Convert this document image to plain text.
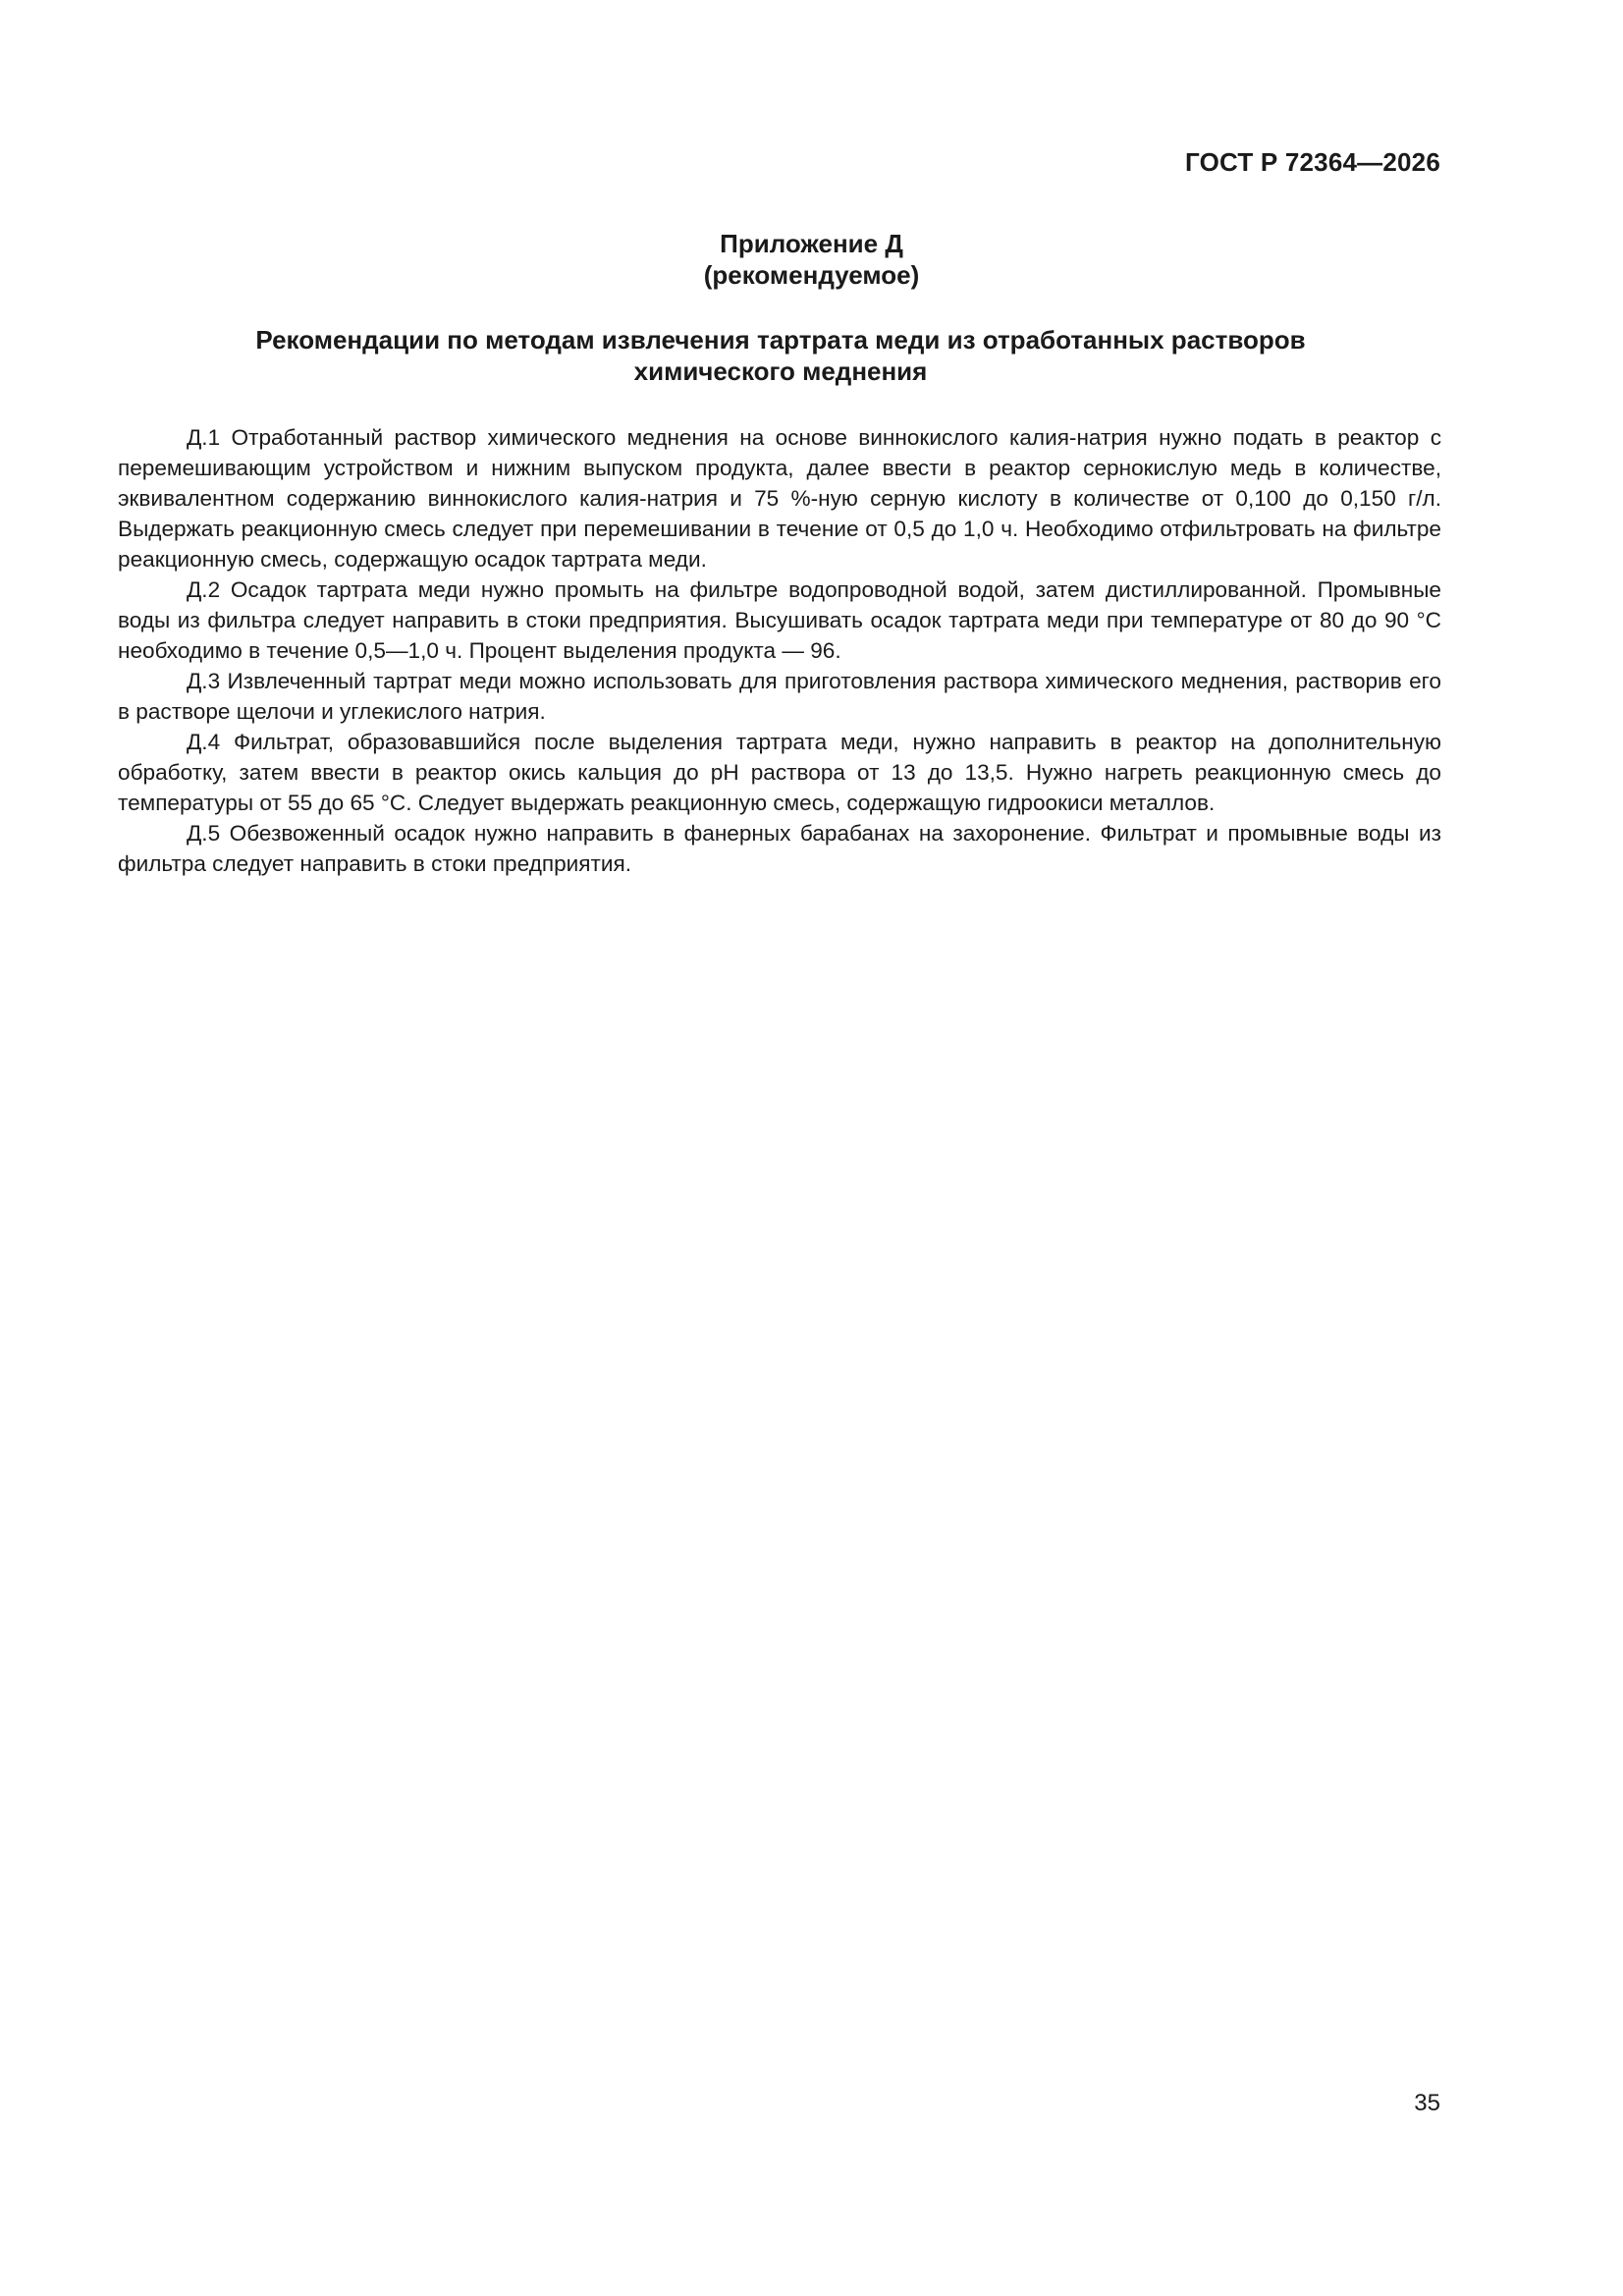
ГОСТ Р 72364—2026
Приложение Д
(рекомендуемое)
Рекомендации по методам извлечения тартрата меди из отработанных растворов
химического меднения

Д.1 Отработанный раствор химического меднения на основе виннокислого калия-натрия нужно подать в реактор с перемешивающим устройством и нижним выпуском продукта, далее ввести в реактор сернокислую медь в количестве, эквивалентном содержанию виннокислого калия-натрия и 75 %-ную серную кислоту в количестве от 0,100 до 0,150 г/л. Выдержать реакционную смесь следует при перемешивании в течение от 0,5 до 1,0 ч. Необходимо отфильтровать на фильтре реакционную смесь, содержащую осадок тартрата меди.

Д.2 Осадок тартрата меди нужно промыть на фильтре водопроводной водой, затем дистиллированной. Промывные воды из фильтра следует направить в стоки предприятия. Высушивать осадок тартрата меди при температуре от 80 до 90 °С необходимо в течение 0,5—1,0 ч. Процент выделения продукта — 96.

Д.3 Извлеченный тартрат меди можно использовать для приготовления раствора химического меднения, растворив его в растворе щелочи и углекислого натрия.

Д.4 Фильтрат, образовавшийся после выделения тартрата меди, нужно направить в реактор на дополнительную обработку, затем ввести в реактор окись кальция до pH раствора от 13 до 13,5. Нужно нагреть реакционную смесь до температуры от 55 до 65 °С. Следует выдержать реакционную смесь, содержащую гидроокиси металлов.

Д.5 Обезвоженный осадок нужно направить в фанерных барабанах на захоронение. Фильтрат и промывные воды из фильтра следует направить в стоки предприятия.

35
